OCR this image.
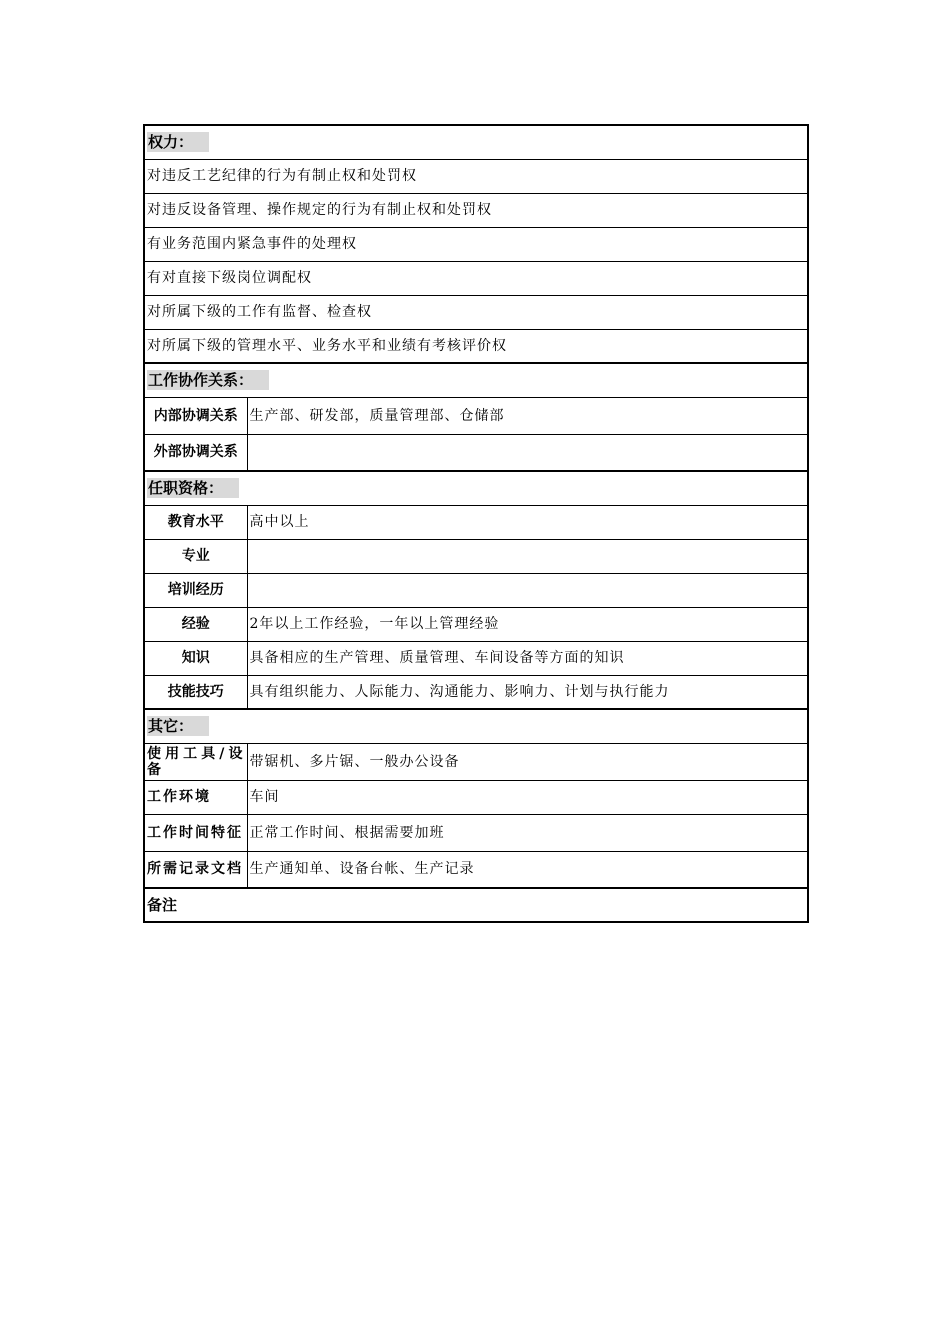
权力：	
对违反工艺纪律的行为有制止权和处罚权	
对违反设备管理、操作规定的行为有制止权和处罚权	
有业务范围内紧急事件的处理权	
有对直接下级岗位调配权	
对所属下级的工作有监督、检查权	
对所属下级的管理水平、业务水平和业绩有考核评价权	
工作协作关系：	
内部协调关系	生产部、研发部，质量管理部、仓储部
外部协调关系	
任职资格：	
教育水平	高中以上
专业	
培训经历	
经验	2年以上工作经验，一年以上管理经验
知识	具备相应的生产管理、质量管理、车间设备等方面的知识
技能技巧	具有组织能力、人际能力、沟通能力、影响力、计划与执行能力
其它：	
使用工具/设备	带锯机、多片锯、一般办公设备
工作环境	车间
工作时间特征	正常工作时间、根据需要加班
所需记录文档	生产通知单、设备台帐、生产记录
备注	
